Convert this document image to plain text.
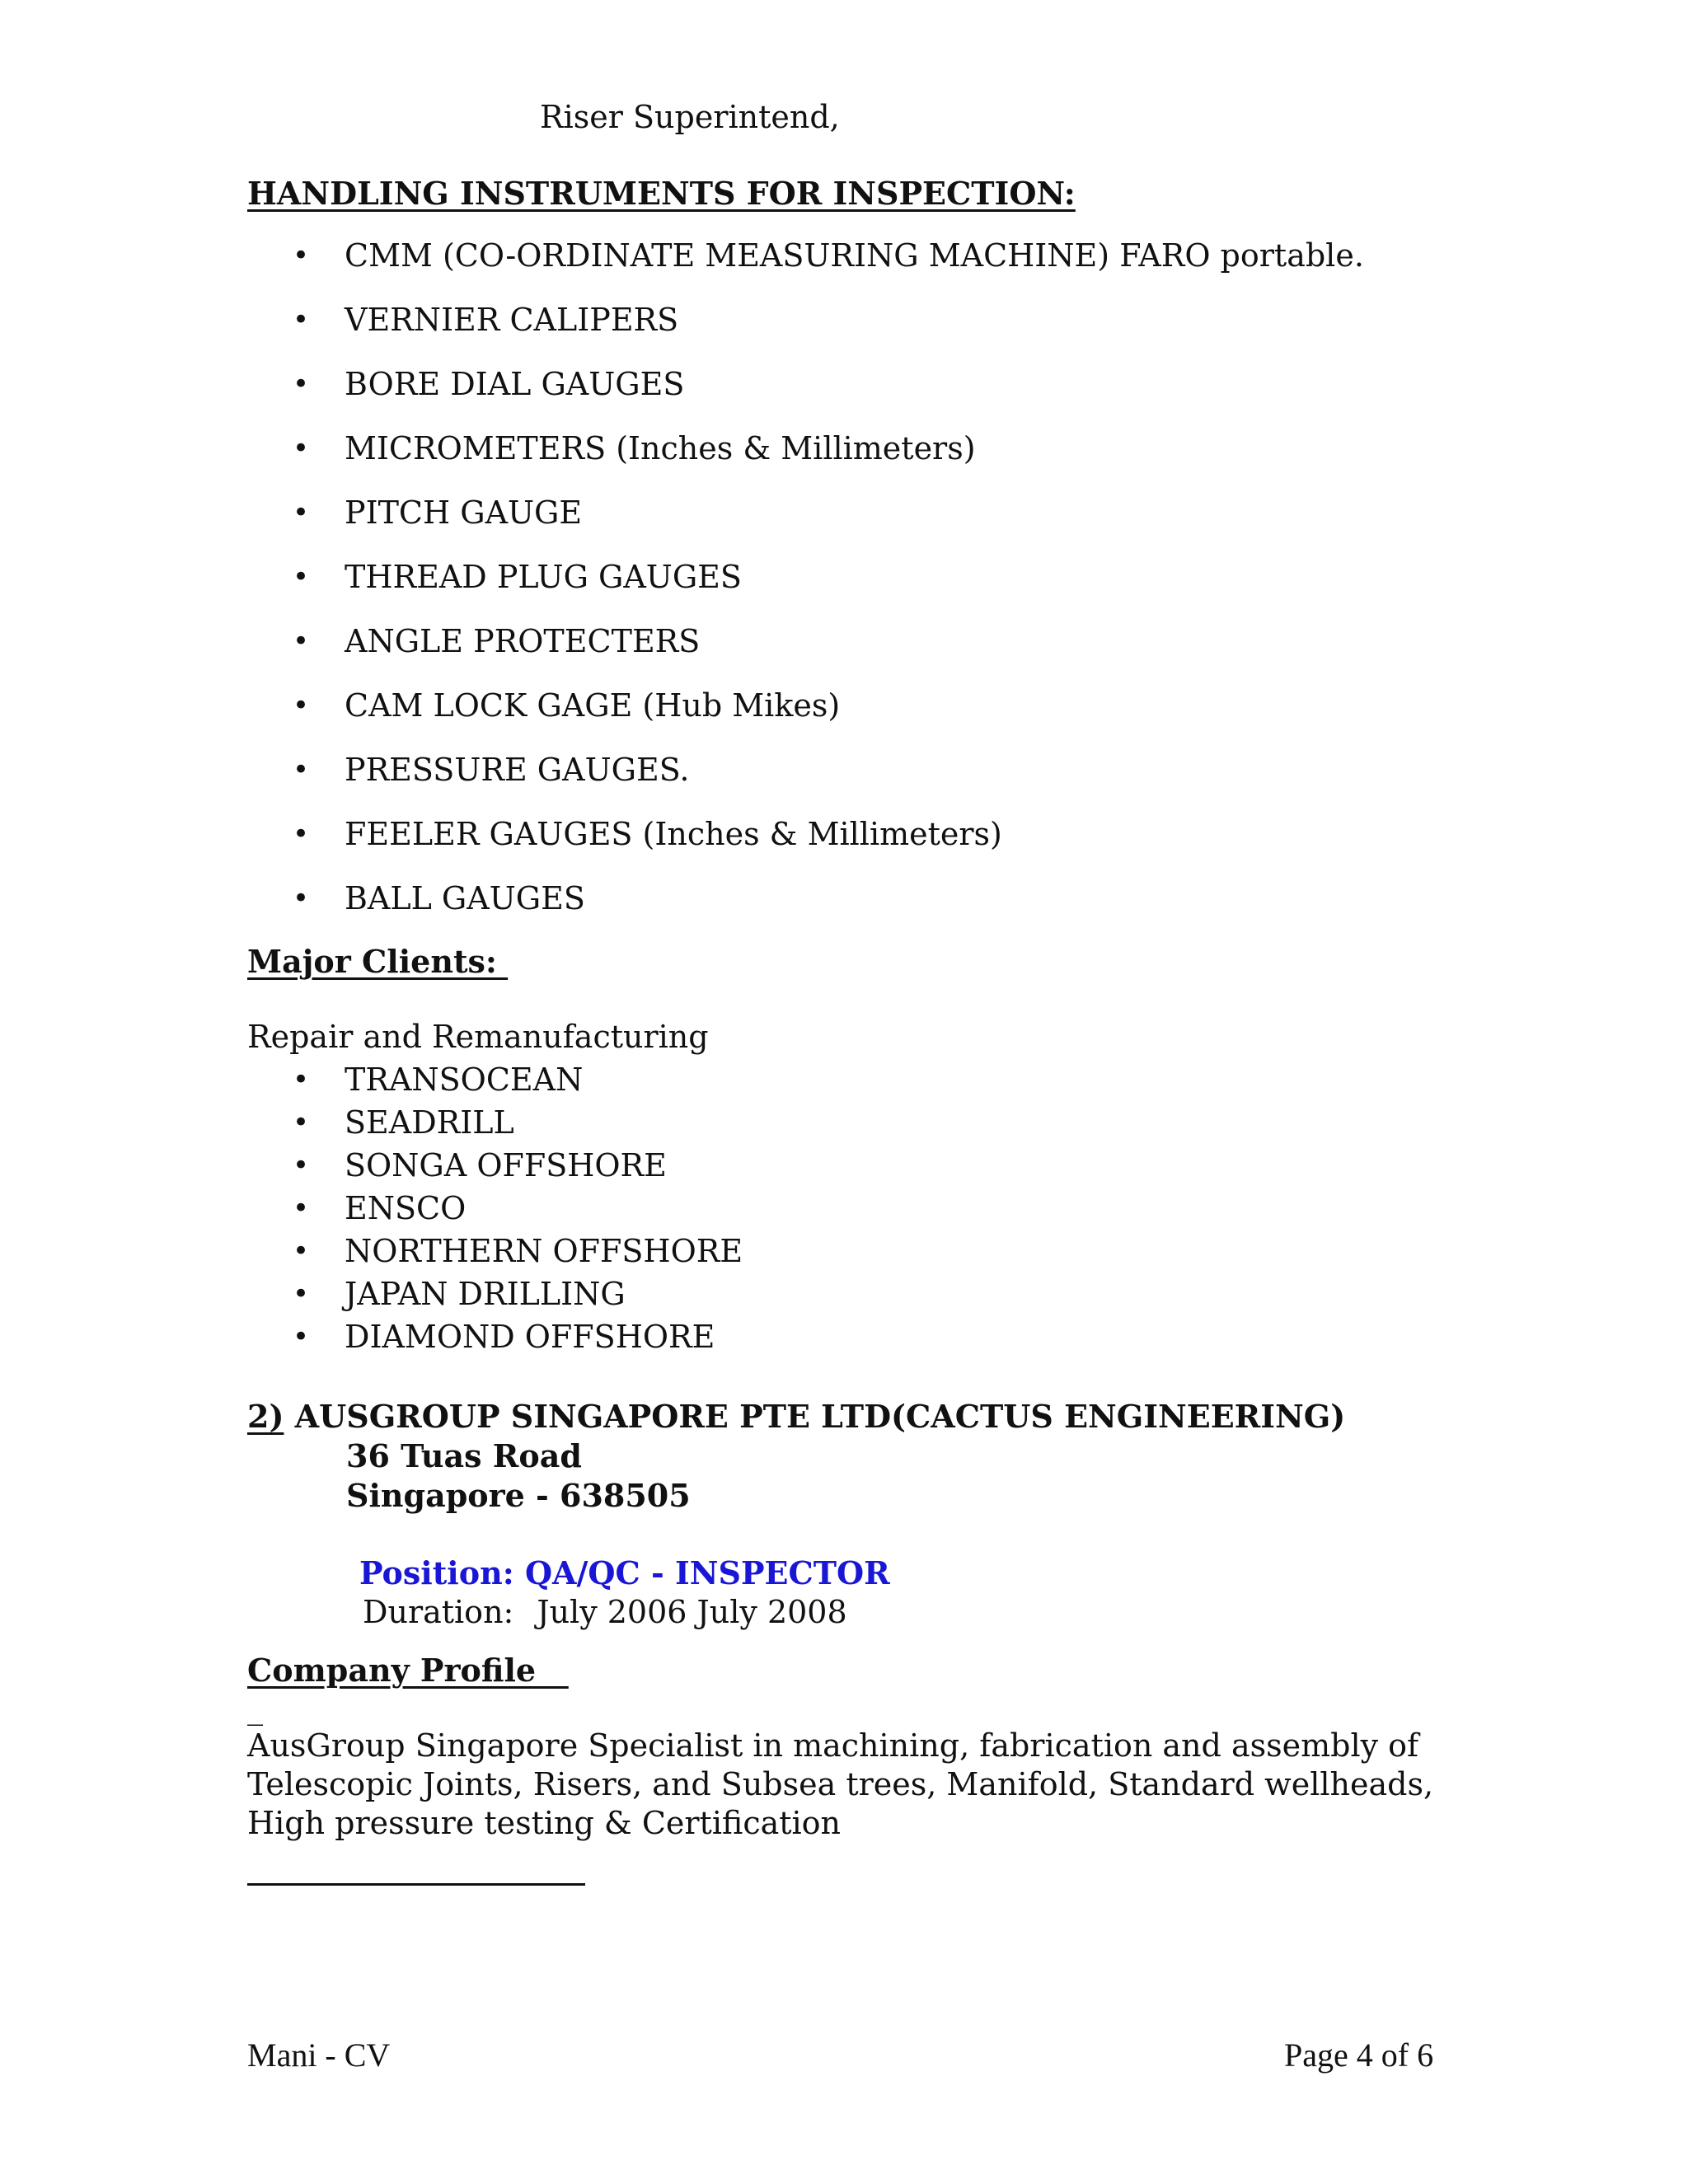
Riser Superintend,
HANDLING INSTRUMENTS FOR INSPECTION:
•	CMM (CO-ORDINATE MEASURING MACHINE) FARO portable.
•	VERNIER CALIPERS
•	BORE DIAL GAUGES
•	MICROMETERS (Inches & Millimeters)
•	PITCH GAUGE
•	THREAD PLUG GAUGES
•	ANGLE PROTECTERS
•	CAM LOCK GAGE (Hub Mikes)
•	PRESSURE GAUGES.
•	FEELER GAUGES (Inches & Millimeters)
•	BALL GAUGES
Major Clients:
Repair and Remanufacturing
•	TRANSOCEAN
•	SEADRILL
•	SONGA OFFSHORE
•	ENSCO
•	NORTHERN OFFSHORE
•	JAPAN DRILLING
•	DIAMOND OFFSHORE
2) AUSGROUP SINGAPORE PTE LTD(CACTUS ENGINEERING)
36 Tuas Road
Singapore - 638505
Position: QA/QC - INSPECTOR
Duration: July 2006 July 2008
Company Profile
_
AusGroup Singapore Specialist in machining, fabrication and assembly of
Telescopic Joints, Risers, and Subsea trees, Manifold, Standard wellheads,
High pressure testing & Certification
Mani - CV	Page 4 of 6
